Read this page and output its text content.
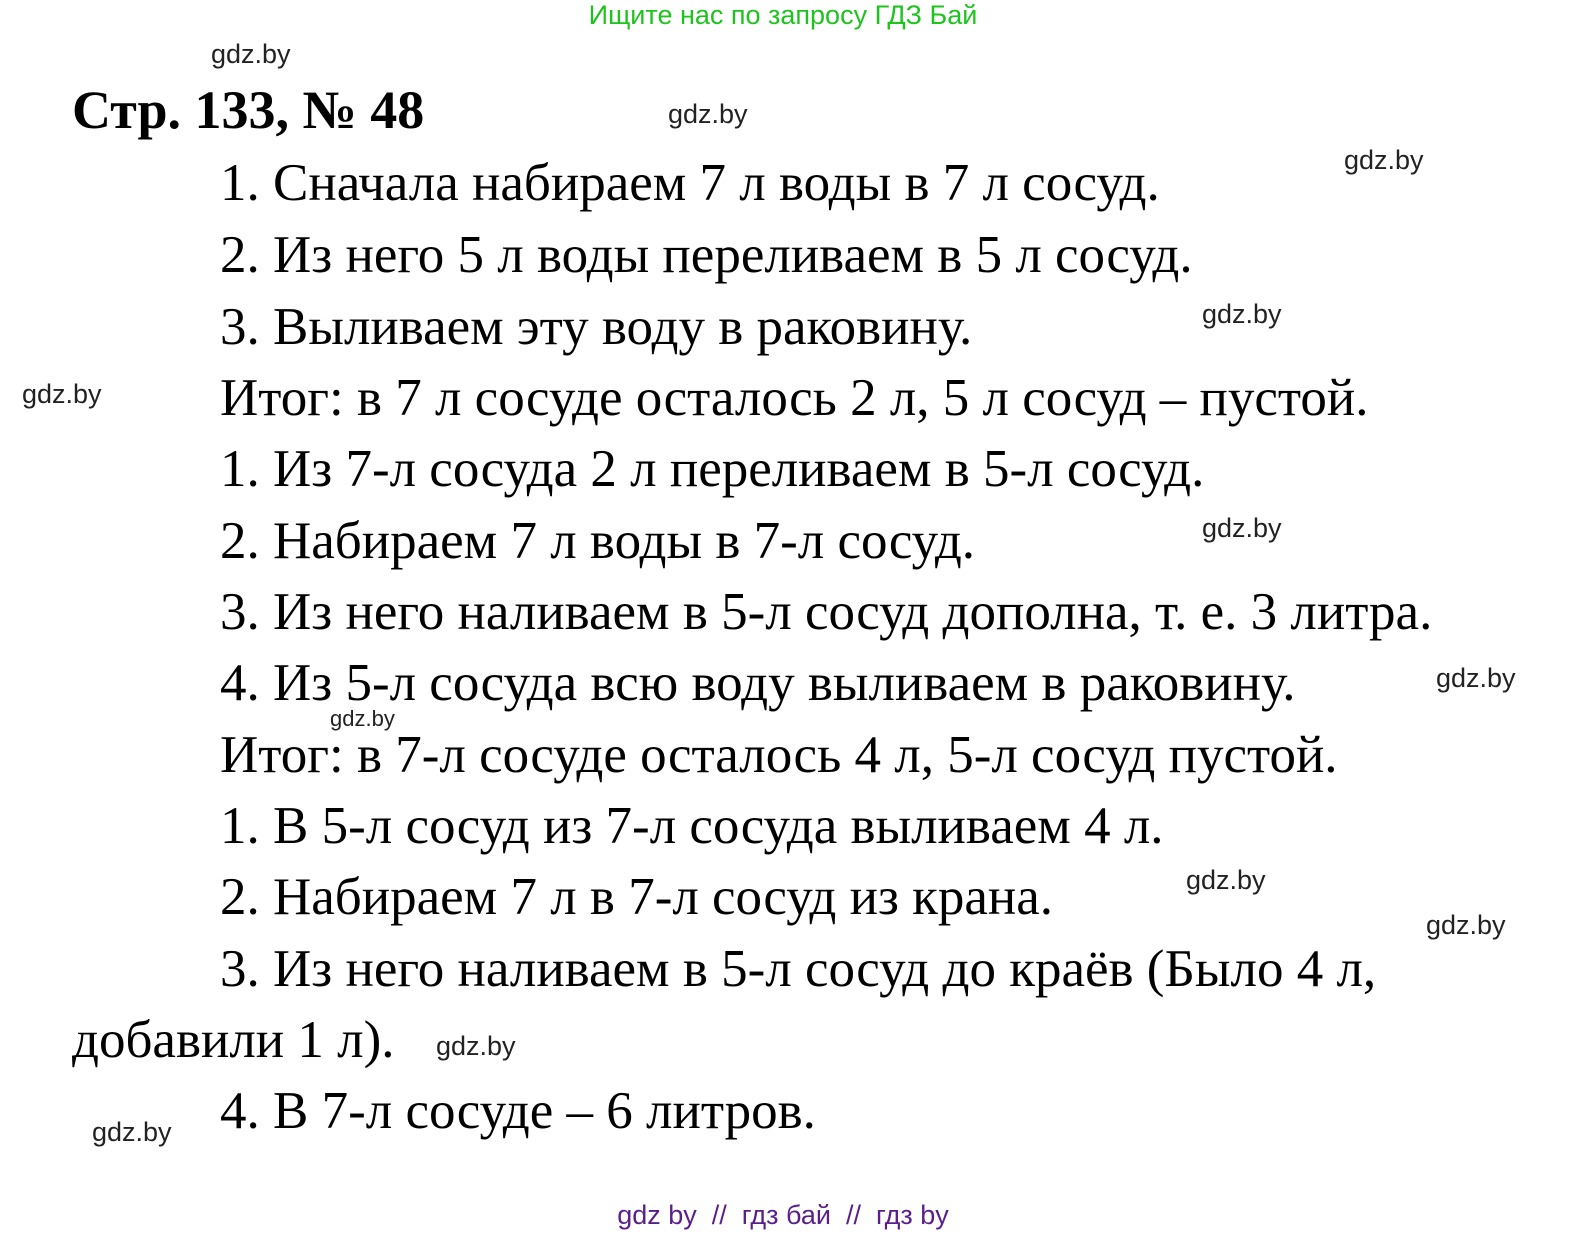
Ищите нас по запросу ГДЗ Бай
Стр. 133, № 48
1. Сначала набираем 7 л воды в 7 л сосуд.
2. Из него 5 л воды переливаем в 5 л сосуд.
3. Выливаем эту воду в раковину.
Итог: в 7 л сосуде осталось 2 л, 5 л сосуд – пустой.
1. Из 7-л сосуда 2 л переливаем в 5-л сосуд.
2. Набираем 7 л воды в 7-л сосуд.
3. Из него наливаем в 5-л сосуд дополна, т. е. 3 литра.
4. Из 5-л сосуда всю воду выливаем в раковину.
Итог: в 7-л сосуде осталось 4 л, 5-л сосуд пустой.
1. В 5-л сосуд из 7-л сосуда выливаем 4 л.
2. Набираем 7 л в 7-л сосуд из крана.
3. Из него наливаем в 5-л сосуд до краёв (Было 4 л,
добавили 1 л).
4. В 7-л сосуде – 6 литров.
gdz.by
gdz.by
gdz.by
gdz.by
gdz.by
gdz.by
gdz.by
gdz.by
gdz.by
gdz.by
gdz.by
gdz.by
gdz by  //  гдз бай  //  гдз by
